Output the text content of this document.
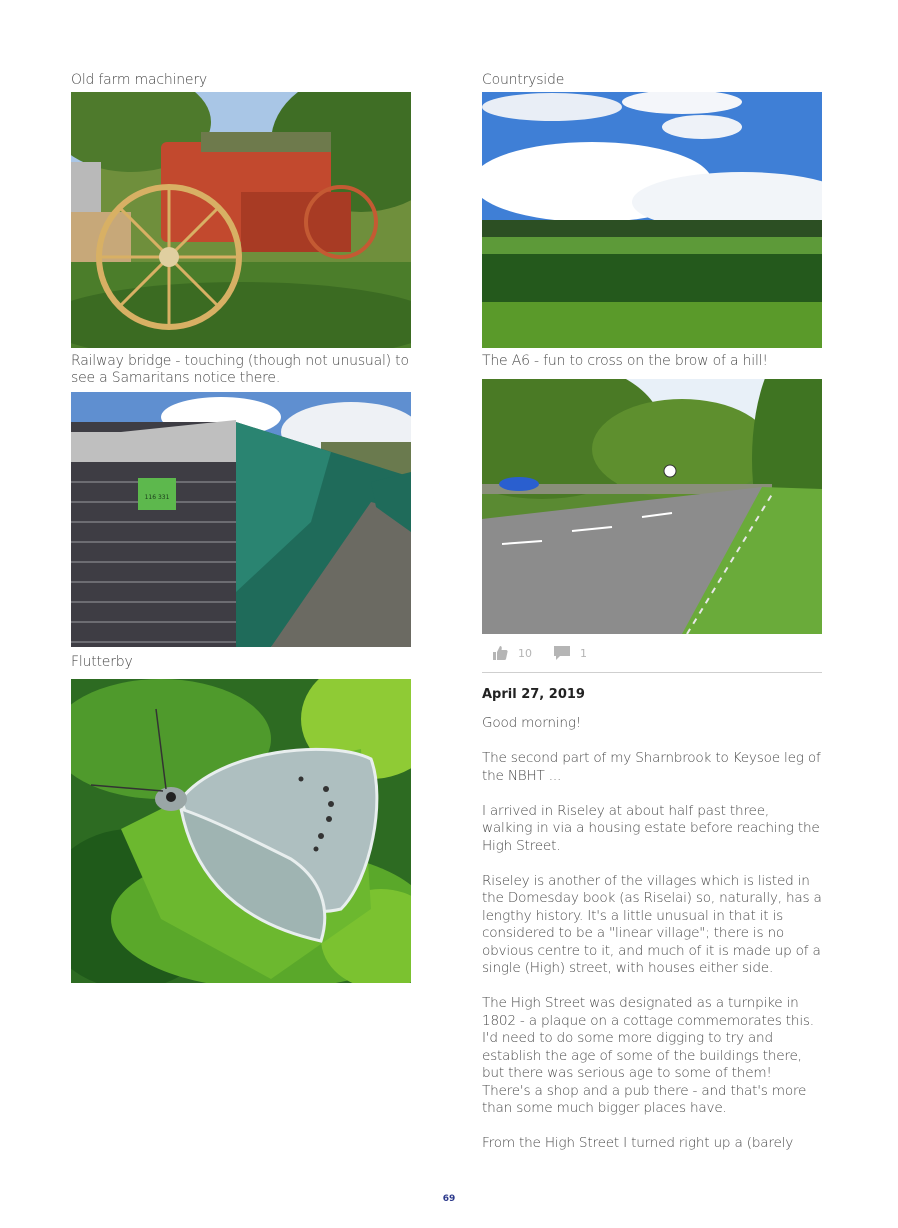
Old farm machinery

Railway bridge - touching (though not unusual) to see a Samaritans notice there.

116 331

Flutterby

Countryside

The A6 - fun to cross on the brow of a hill!

10	1
April 27, 2019

Good morning!

The second part of my Sharnbrook to Keysoe leg of the NBHT ...

I arrived in Riseley at about half past three, walking in via a housing estate before reaching the High Street.

Riseley is another of the villages which is listed in the Domesday book (as Riselai) so, naturally, has a lengthy history. It's a little unusual in that it is considered to be a "linear village"; there is no obvious centre to it, and much of it is made up of a single (High) street, with houses either side.

The High Street was designated as a turnpike in 1802 - a plaque on a cottage commemorates this. I'd need to do some more digging to try and establish the age of some of the buildings there, but there was serious age to some of them! There's a shop and a pub there - and that's more than some much bigger places have.

From the High Street I turned right up a (barely

69
